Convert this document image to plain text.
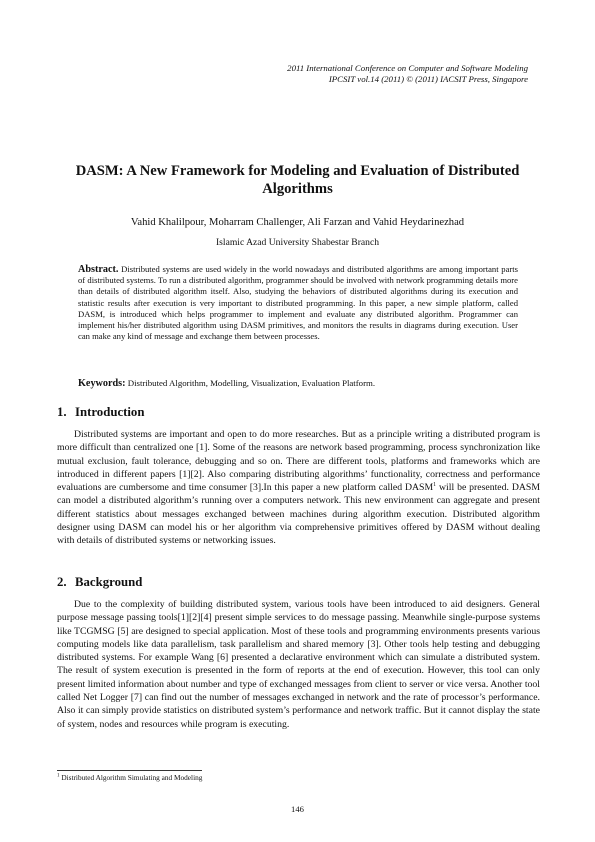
2011 International Conference on Computer and Software Modeling
IPCSIT vol.14 (2011) © (2011) IACSIT Press, Singapore
DASM: A New Framework for Modeling and Evaluation of Distributed Algorithms
Vahid Khalilpour, Moharram Challenger, Ali Farzan and Vahid Heydarinezhad
Islamic Azad University Shabestar Branch

Abstract. Distributed systems are used widely in the world nowadays and distributed algorithms are among important parts of distributed systems. To run a distributed algorithm, programmer should be involved with network programming details more than details of distributed algorithm itself. Also, studying the behaviors of distributed algorithms during its execution and statistic results after execution is very important to distributed programming. In this paper, a new simple platform, called DASM, is introduced which helps programmer to implement and evaluate any distributed algorithm. Programmer can implement his/her distributed algorithm using DASM primitives, and monitors the results in diagrams during execution. User can make any kind of message and exchange them between processes.

Keywords: Distributed Algorithm, Modelling, Visualization, Evaluation Platform.

1. Introduction

Distributed systems are important and open to do more researches. But as a principle writing a distributed program is more difficult than centralized one [1]. Some of the reasons are network based programming, process synchronization like mutual exclusion, fault tolerance, debugging and so on. There are different tools, platforms and frameworks which are introduced in different papers [1][2]. Also comparing distributing algorithms’ functionality, correctness and performance evaluations are cumbersome and time consumer [3].In this paper a new platform called DASM$^1$ will be presented. DASM can model a distributed algorithm’s running over a computers network. This new environment can aggregate and present different statistics about messages exchanged between machines during algorithm execution. Distributed algorithm designer using DASM can model his or her algorithm via comprehensive primitives offered by DASM without dealing with details of distributed systems or networking issues.

2. Background

Due to the complexity of building distributed system, various tools have been introduced to aid designers. General purpose message passing tools[1][2][4] present simple services to do message passing. Meanwhile single-purpose systems like TCGMSG [5] are designed to special application. Most of these tools and programming environments presents various computing models like data parallelism, task parallelism and shared memory [3]. Other tools help testing and debugging distributed systems. For example Wang [6] presented a declarative environment which can simulate a distributed system. The result of system execution is presented in the form of reports at the end of execution. However, this tool can only present limited information about number and type of exchanged messages from client to server or vice versa. Another tool called Net Logger [7] can find out the number of messages exchanged in network and the rate of processor’s performance. Also it can simply provide statistics on distributed system’s performance and network traffic. But it cannot display the state of system, nodes and resources while program is executing.

$^1$ Distributed Algorithm Simulating and Modeling
146
